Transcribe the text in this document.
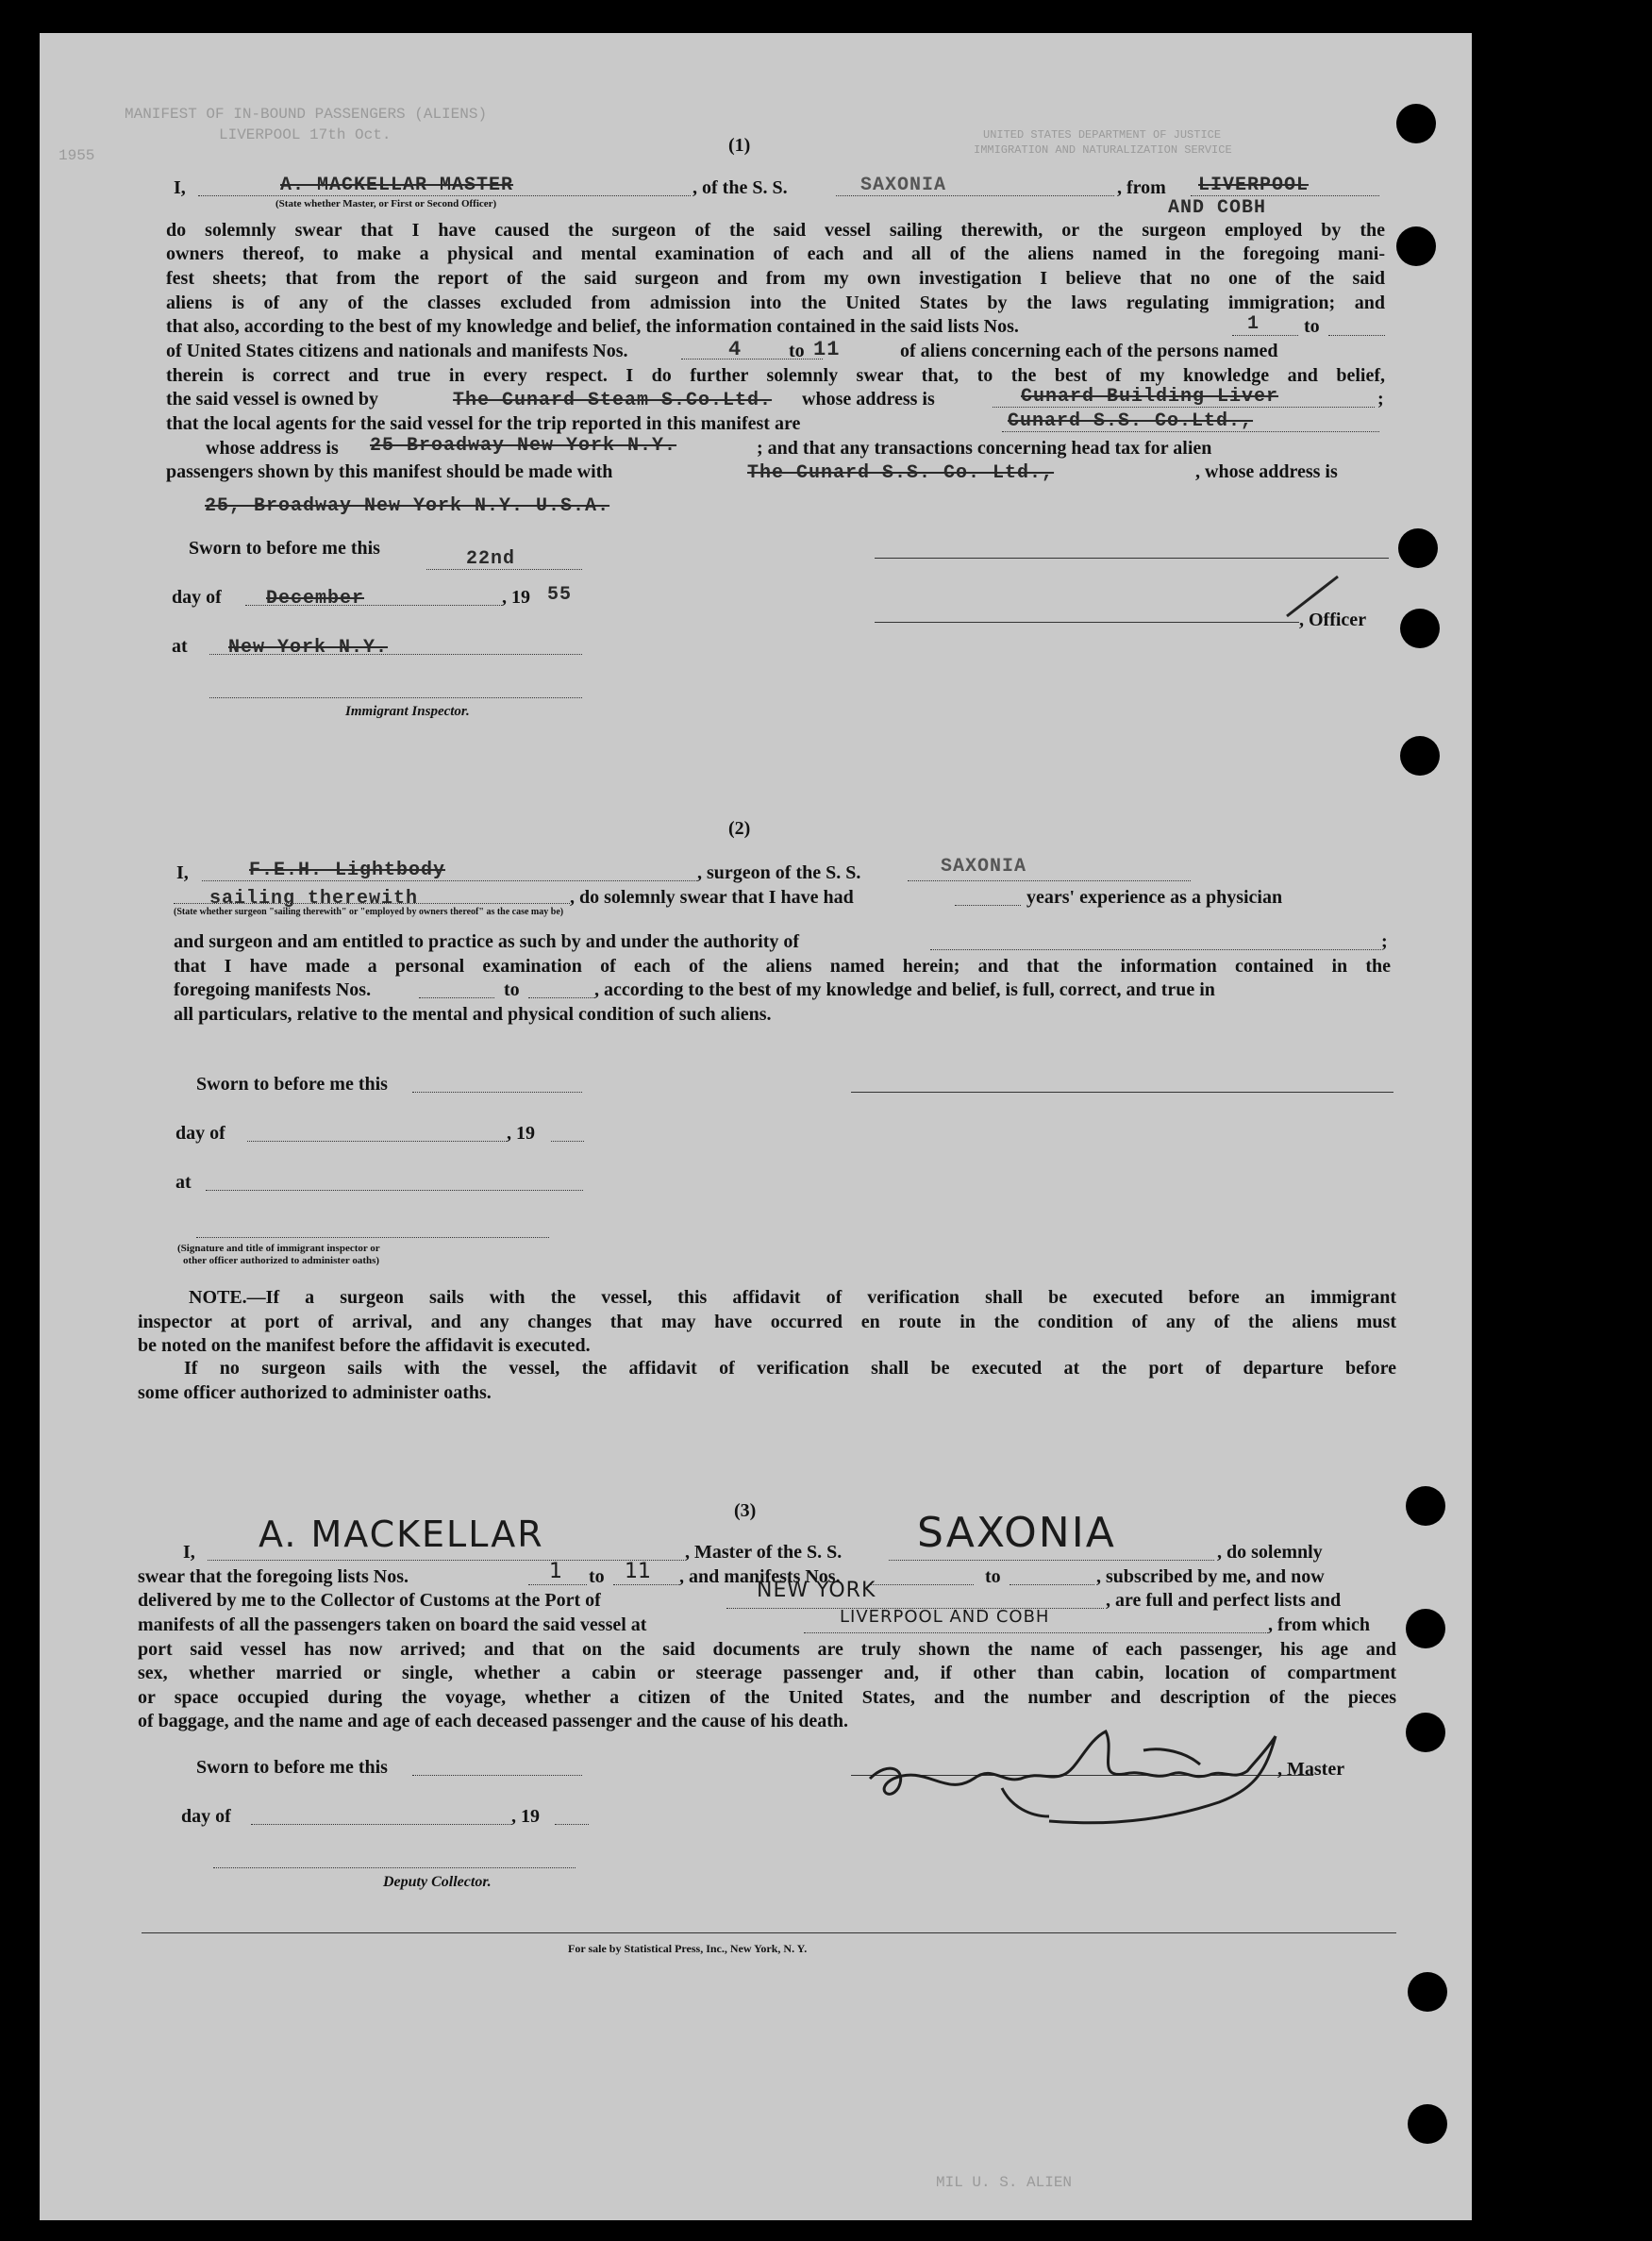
MANIFEST OF IN-BOUND PASSENGERS (ALIENS)
LIVERPOOL 17th Oct.
1955
UNITED STATES DEPARTMENT OF JUSTICE
IMMIGRATION AND NATURALIZATION SERVICE
MIL U. S. ALIEN
(1)
I,	A. MACKELLAR MASTER	, of the S. S.	SAXONIA	, from LIVERPOOL
AND COBH
(State whether Master, or First or Second Officer)
do solemnly swear that I have caused the surgeon of the said vessel sailing therewith, or the surgeon employed by the
owners thereof, to make a physical and mental examination of each and all of the aliens named in the foregoing mani-
fest sheets; that from the report of the said surgeon and from my own investigation I believe that no one of the said
aliens is of any of the classes excluded from admission into the United States by the laws regulating immigration; and
that also, according to the best of my knowledge and belief, the information contained in the said lists Nos.	1 to
of United States citizens and nationals and manifests Nos.	4 to 11	of aliens concerning each of the persons named
therein is correct and true in every respect. I do further solemnly swear that, to the best of my knowledge and belief,
the said vessel is owned by	The Cunard Steam S.Co.Ltd. whose address is	Cunard Building Liver	;
that the local agents for the said vessel for the trip reported in this manifest are	Cunard S.S. Co.Ltd.,
whose address is 25 Broadway New York N.Y.	; and that any transactions concerning head tax for alien
passengers shown by this manifest should be made with	The Cunard S.S. Co. Ltd.,	, whose address is
25, Broadway New York N.Y. U.S.A.
Sworn to before me this	22nd
day of December	, 19 55
, Officer
at New York N.Y.
Immigrant Inspector.
(2)
I,	F.E.H. Lightbody	, surgeon of the S. S.	SAXONIA
sailing therewith	, do solemnly swear that I have had	years' experience as a physician
(State whether surgeon "sailing therewith" or "employed by owners thereof" as the case may be)
and surgeon and am entitled to practice as such by and under the authority of	;
that I have made a personal examination of each of the aliens named herein; and that the information contained in the
foregoing manifests Nos.	to	, according to the best of my knowledge and belief, is full, correct, and true in
all particulars, relative to the mental and physical condition of such aliens.
Sworn to before me this
day of	, 19
at
(Signature and title of immigrant inspector or
other officer authorized to administer oaths)
NOTE.—If a surgeon sails with the vessel, this affidavit of verification shall be executed before an immigrant
inspector at port of arrival, and any changes that may have occurred en route in the condition of any of the aliens must
be noted on the manifest before the affidavit is executed.
If no surgeon sails with the vessel, the affidavit of verification shall be executed at the port of departure before
some officer authorized to administer oaths.
(3)
I, A. MACKELLAR	, Master of the S. S. SAXONIA	, do solemnly
swear that the foregoing lists Nos.	1 to 11 , and manifests Nos.	to	, subscribed by me, and now
delivered by me to the Collector of Customs at the Port of	NEW YORK	, are full and perfect lists and
manifests of all the passengers taken on board the said vessel at	LIVERPOOL AND COBH	, from which
port said vessel has now arrived; and that on the said documents are truly shown the name of each passenger, his age and
sex, whether married or single, whether a cabin or steerage passenger and, if other than cabin, location of compartment
or space occupied during the voyage, whether a citizen of the United States, and the number and description of the pieces
of baggage, and the name and age of each deceased passenger and the cause of his death.
Sworn to before me this	, Master
day of	, 19
Deputy Collector.
For sale by Statistical Press, Inc., New York, N. Y.
